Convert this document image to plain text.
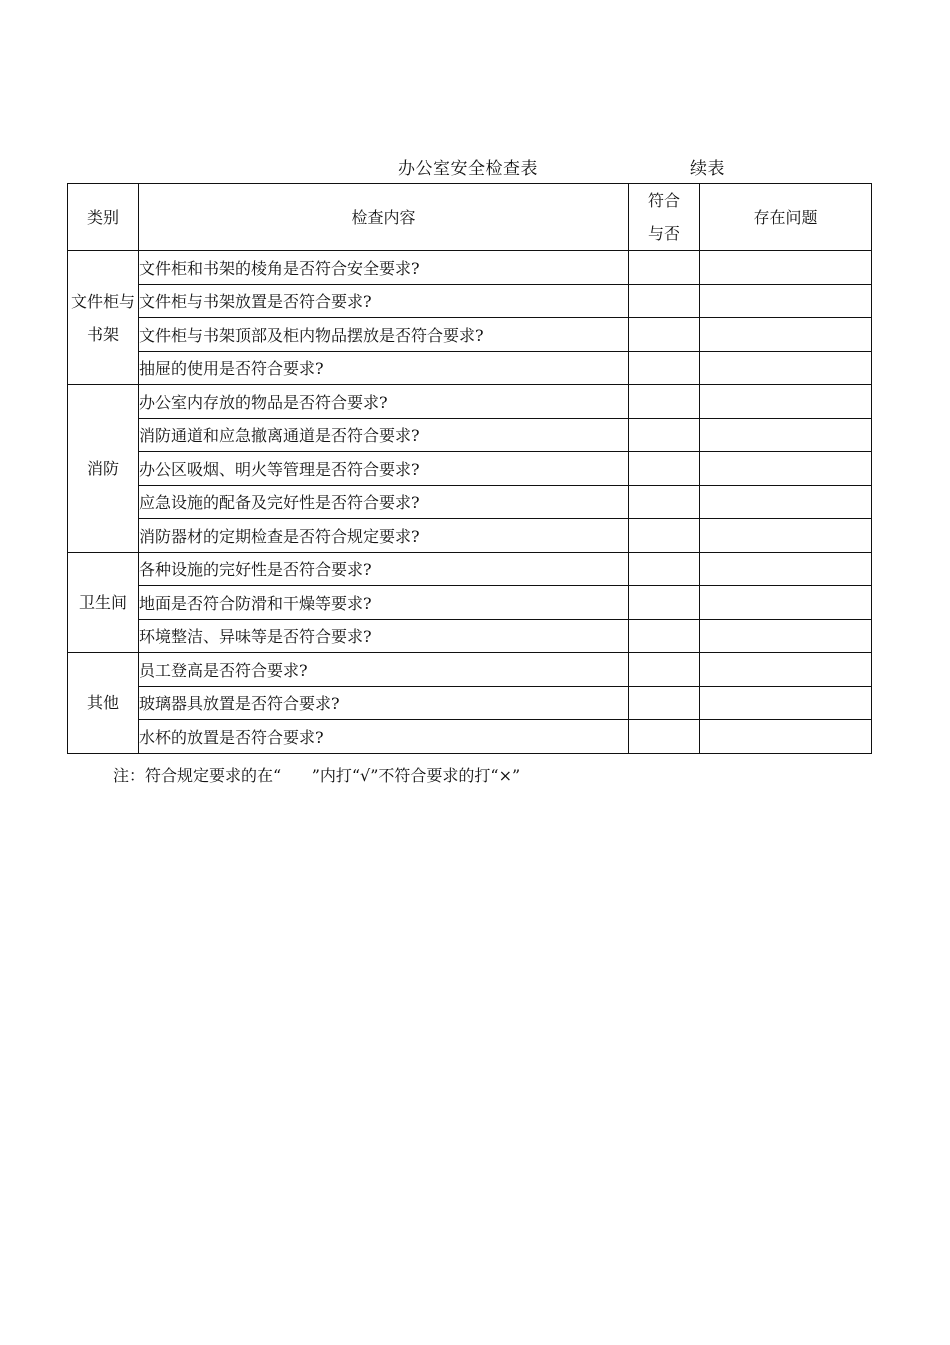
办公室安全检查表	续表
类别	检查内容	符合与否	存在问题
文件柜与书架	文件柜和书架的棱角是否符合安全要求?		
	文件柜与书架放置是否符合要求?		
	文件柜与书架顶部及柜内物品摆放是否符合要求?		
	抽屉的使用是否符合要求?		
消防	办公室内存放的物品是否符合要求?		
	消防通道和应急撤离通道是否符合要求?		
	办公区吸烟、明火等管理是否符合要求?		
	应急设施的配备及完好性是否符合要求?		
	消防器材的定期检查是否符合规定要求?		
卫生间	各种设施的完好性是否符合要求?		
	地面是否符合防滑和干燥等要求?		
	环境整洁、异味等是否符合要求?		
其他	员工登高是否符合要求?		
	玻璃器具放置是否符合要求?		
	水杯的放置是否符合要求?		
注：符合规定要求的在“      ”内打“√”不符合要求的打“×”
